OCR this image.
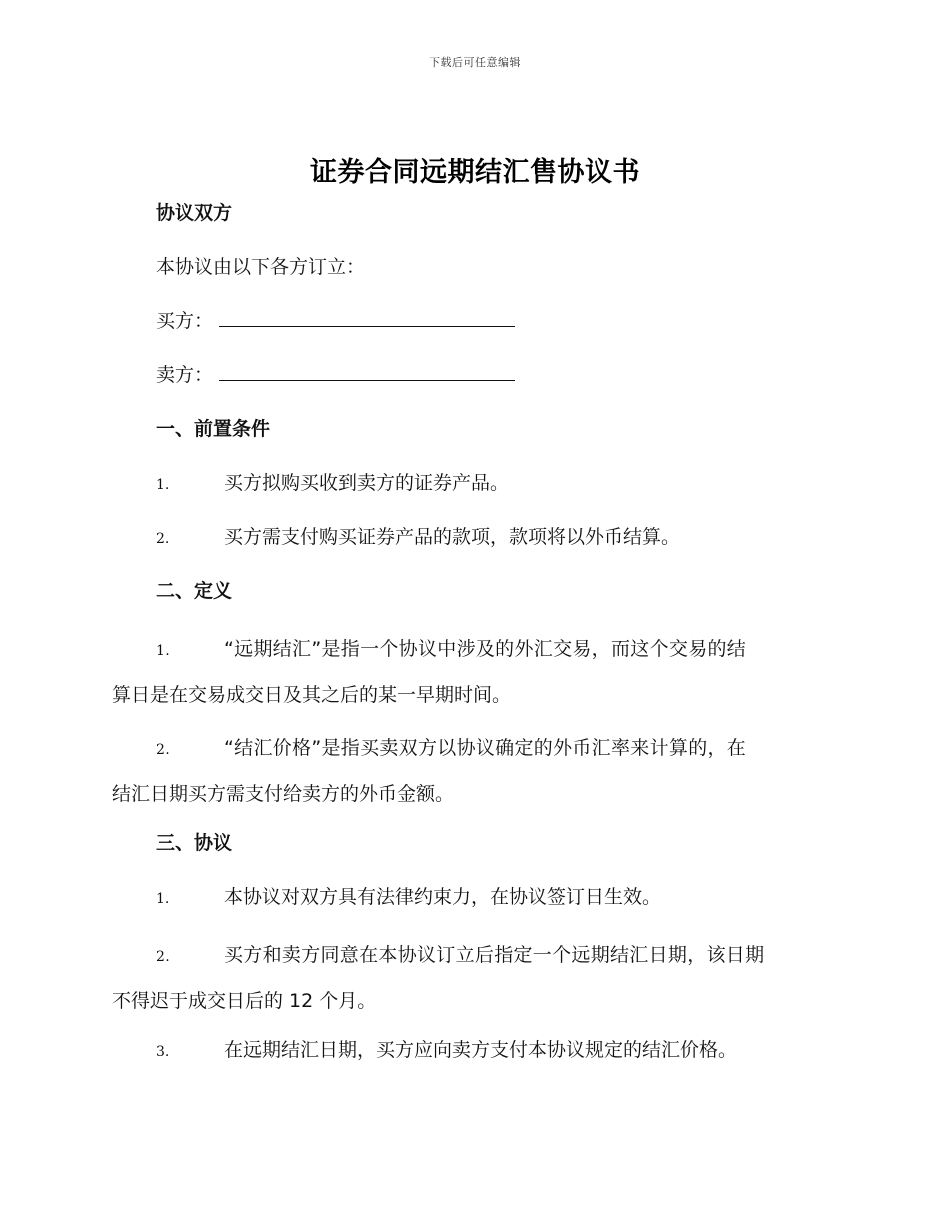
下载后可任意编辑
证券合同远期结汇售协议书
协议双方
本协议由以下各方订立：
买方：
卖方：
一、前置条件
1.	买方拟购买收到卖方的证券产品。
2.	买方需支付购买证券产品的款项，款项将以外币结算。
二、定义
1.	“远期结汇”是指一个协议中涉及的外汇交易，而这个交易的结
算日是在交易成交日及其之后的某一早期时间。
2.	“结汇价格”是指买卖双方以协议确定的外币汇率来计算的，在
结汇日期买方需支付给卖方的外币金额。
三、协议
1.	本协议对双方具有法律约束力，在协议签订日生效。
2.	买方和卖方同意在本协议订立后指定一个远期结汇日期，该日期
不得迟于成交日后的 12 个月。
3.	在远期结汇日期，买方应向卖方支付本协议规定的结汇价格。
